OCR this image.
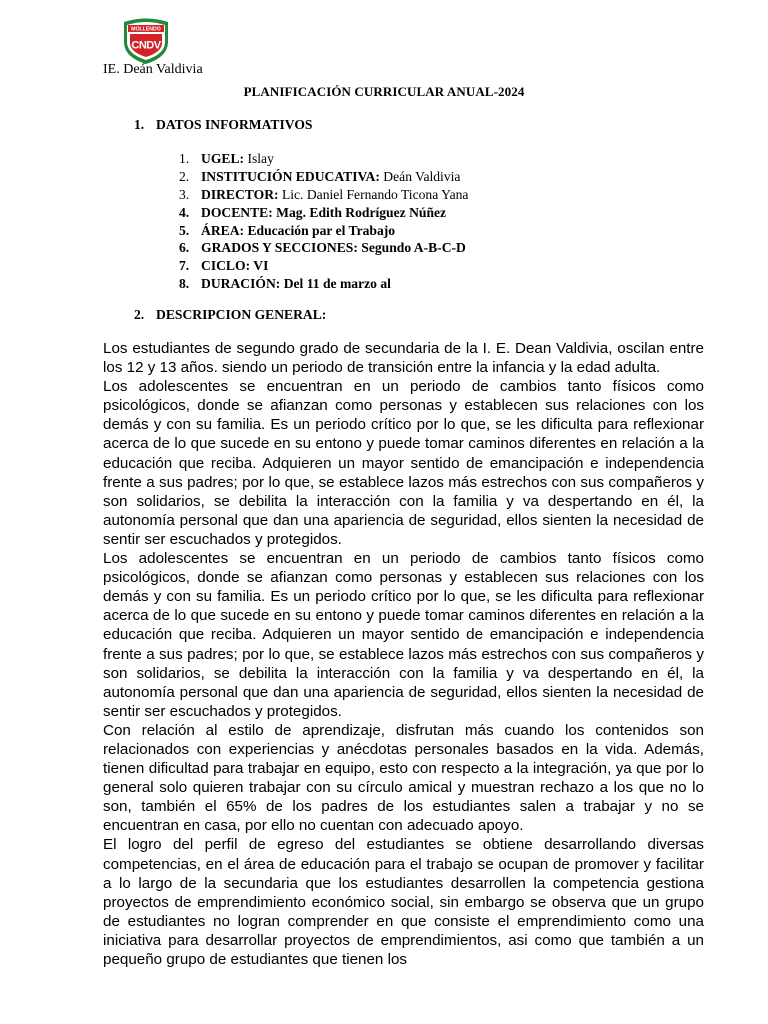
MOLLENDO
CNDV
IE. Deán Valdivia
PLANIFICACIÓN CURRICULAR ANUAL-2024
1. DATOS INFORMATIVOS
1. UGEL: Islay
2. INSTITUCIÓN EDUCATIVA: Deán Valdivia
3. DIRECTOR: Lic. Daniel Fernando Ticona Yana
4. DOCENTE: Mag. Edith Rodríguez Núñez
5. ÁREA: Educación par el Trabajo
6. GRADOS Y SECCIONES: Segundo A-B-C-D
7. CICLO: VI
8. DURACIÓN: Del 11 de marzo al
2. DESCRIPCION GENERAL:

Los estudiantes de segundo grado de secundaria de la I. E. Dean Valdivia, oscilan entre los 12 y 13 años. siendo un periodo de transición entre la infancia y la edad adulta.

Los adolescentes se encuentran en un periodo de cambios tanto físicos como psicológicos, donde se afianzan como personas y establecen sus relaciones con los demás y con su familia. Es un periodo crítico por lo que, se les dificulta para reflexionar acerca de lo que sucede en su entono y puede tomar caminos diferentes en relación a la educación que reciba. Adquieren un mayor sentido de emancipación e independencia frente a sus padres; por lo que, se establece lazos más estrechos con sus compañeros y son solidarios, se debilita la interacción con la familia y va despertando en él, la autonomía personal que dan una apariencia de seguridad, ellos sienten la necesidad de sentir ser escuchados y protegidos.

Los adolescentes se encuentran en un periodo de cambios tanto físicos como psicológicos, donde se afianzan como personas y establecen sus relaciones con los demás y con su familia. Es un periodo crítico por lo que, se les dificulta para reflexionar acerca de lo que sucede en su entono y puede tomar caminos diferentes en relación a la educación que reciba. Adquieren un mayor sentido de emancipación e independencia frente a sus padres; por lo que, se establece lazos más estrechos con sus compañeros y son solidarios, se debilita la interacción con la familia y va despertando en él, la autonomía personal que dan una apariencia de seguridad, ellos sienten la necesidad de sentir ser escuchados y protegidos.

Con relación al estilo de aprendizaje, disfrutan más cuando los contenidos son relacionados con experiencias y anécdotas personales basados en la vida. Además, tienen dificultad para trabajar en equipo, esto con respecto a la integración, ya que por lo general solo quieren trabajar con su círculo amical y muestran rechazo a los que no lo son, también el 65% de los padres de los estudiantes salen a trabajar y no se encuentran en casa, por ello no cuentan con adecuado apoyo.

El logro del perfil de egreso del estudiantes se obtiene desarrollando diversas competencias, en el área de educación para el trabajo se ocupan de promover y facilitar a lo largo de la secundaria que los estudiantes desarrollen la competencia gestiona proyectos de emprendimiento económico social, sin embargo se observa que un grupo de estudiantes no logran comprender en que consiste el emprendimiento como una iniciativa para desarrollar proyectos de emprendimientos, asi como que también a un pequeño grupo de estudiantes que tienen los
